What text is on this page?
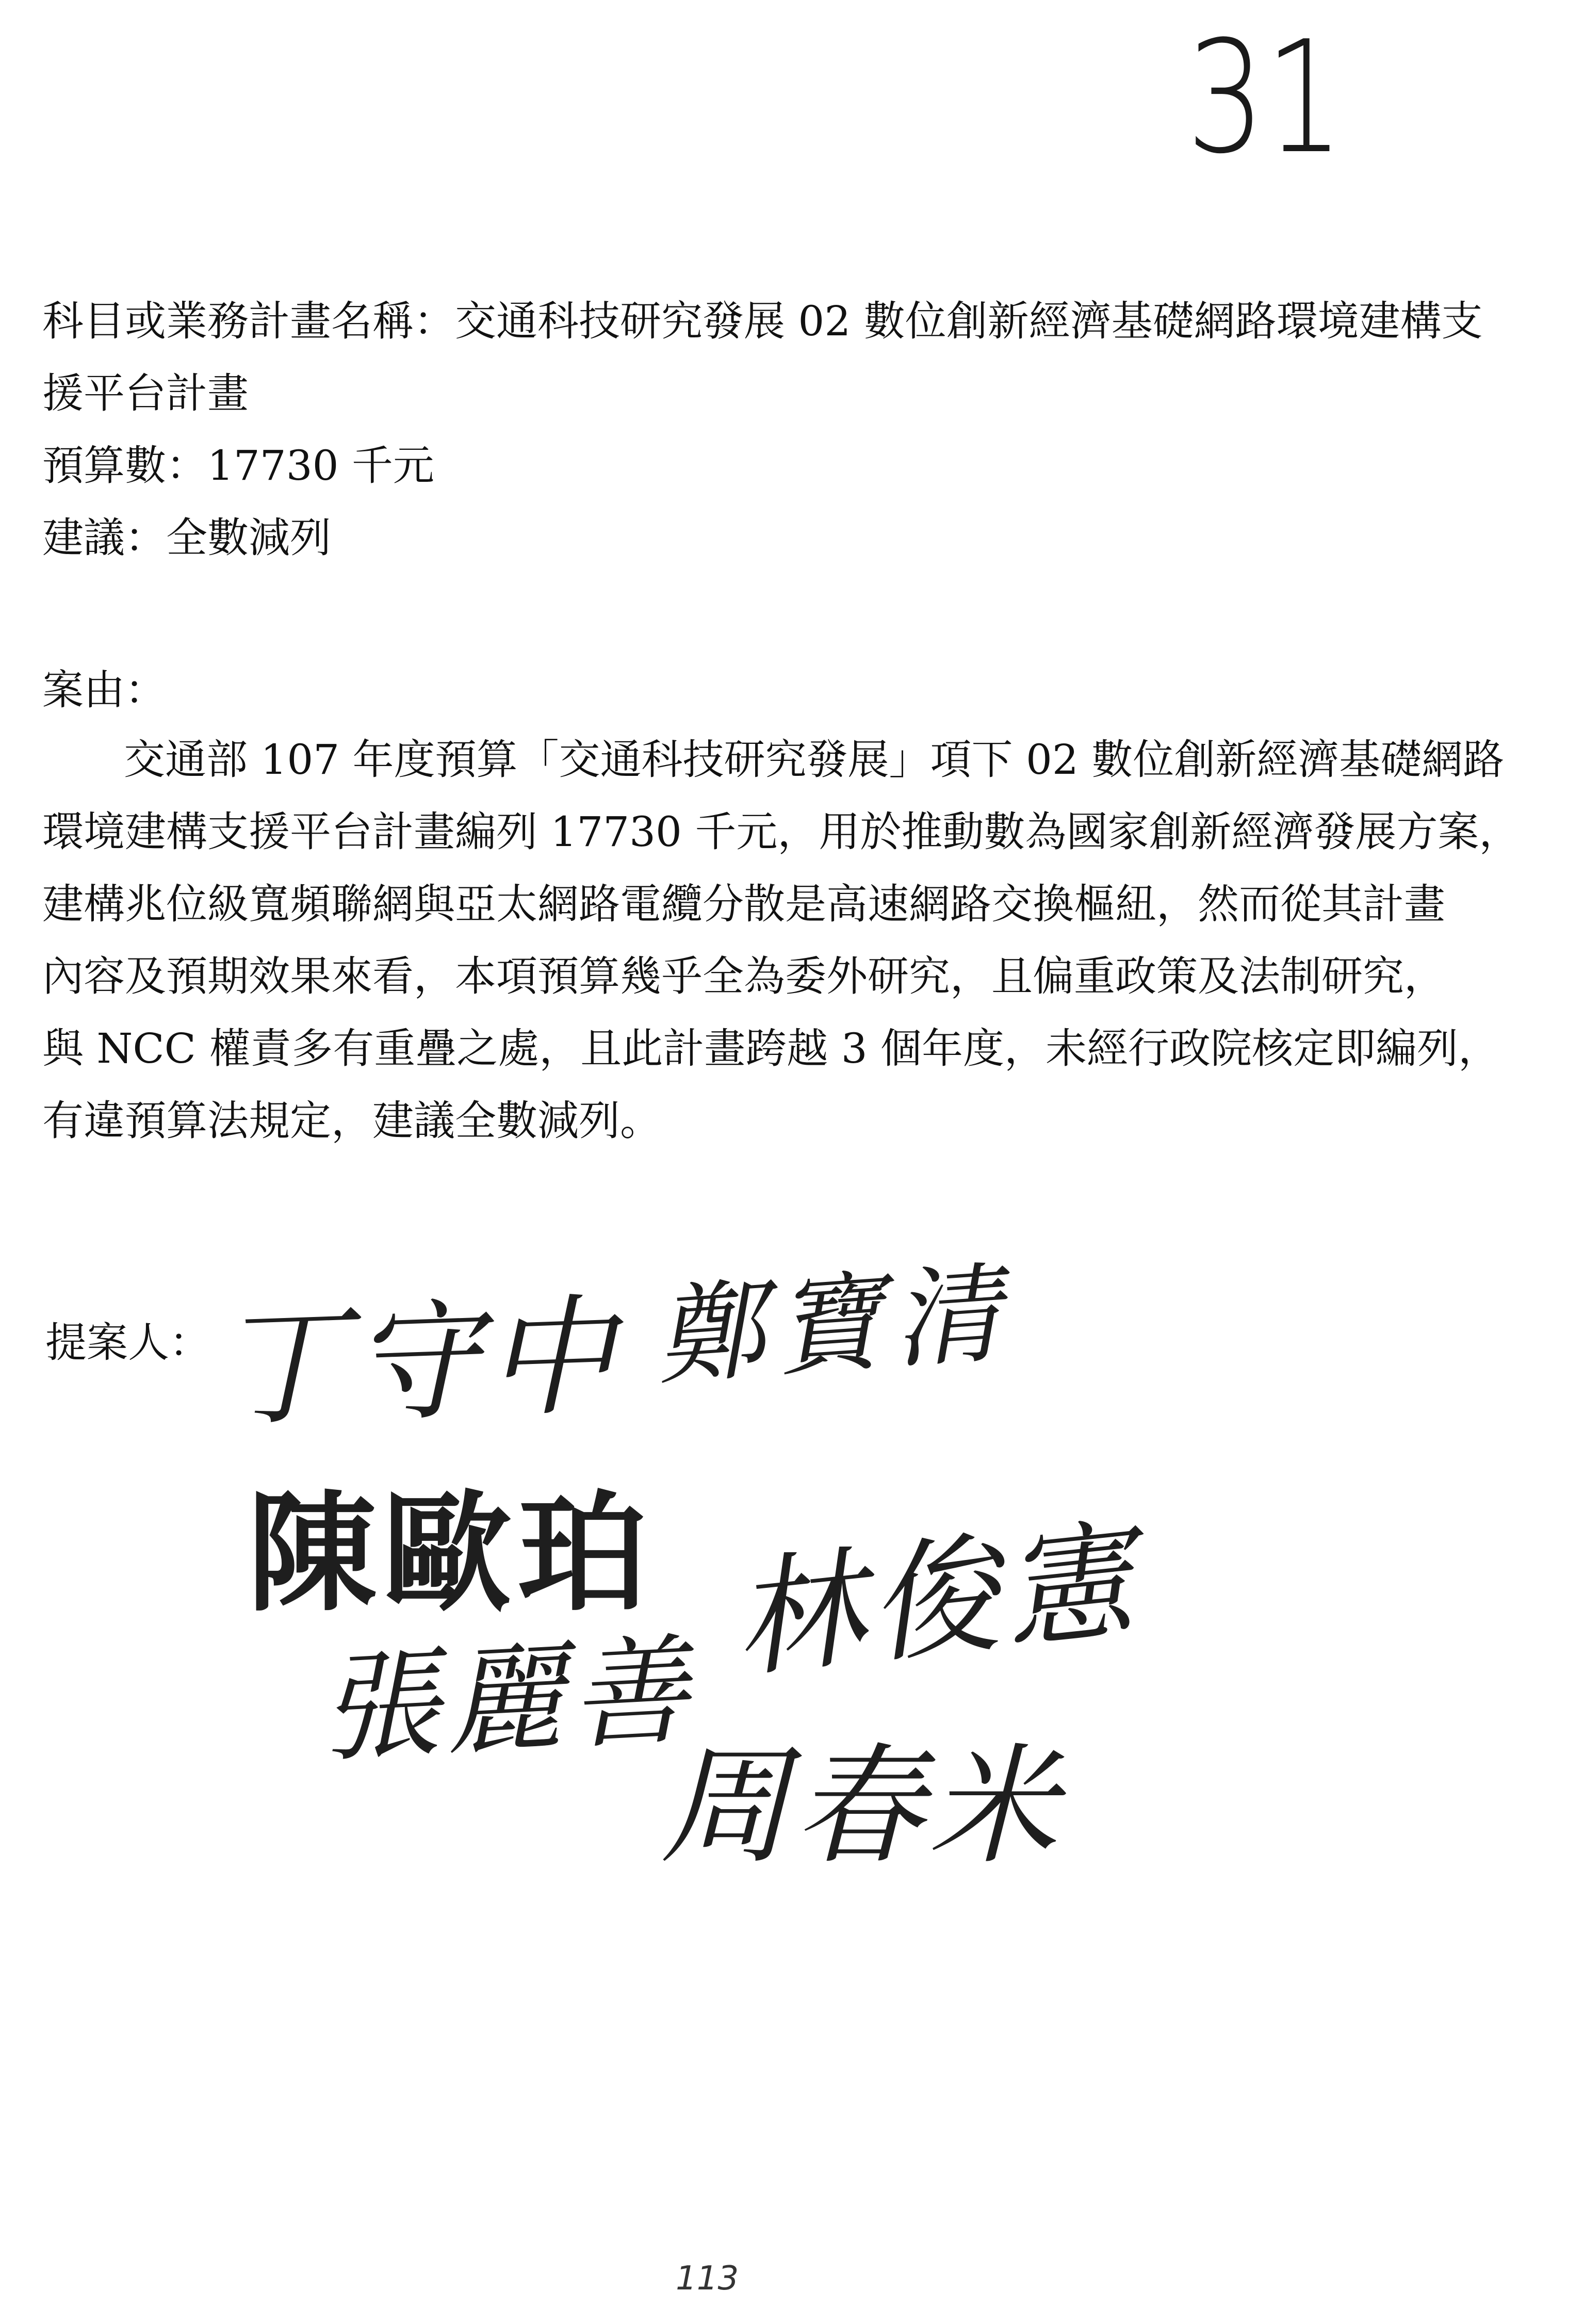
31
科目或業務計畫名稱：交通科技研究發展 02 數位創新經濟基礎網路環境建構支
援平台計畫
預算數：17730 千元
建議：全數減列
案由：
交通部 107 年度預算「交通科技研究發展」項下 02 數位創新經濟基礎網路
環境建構支援平台計畫編列 17730 千元，用於推動數為國家創新經濟發展方案，
建構兆位級寬頻聯網與亞太網路電纜分散是高速網路交換樞紐，然而從其計畫
內容及預期效果來看，本項預算幾乎全為委外研究，且偏重政策及法制研究，
與 NCC 權責多有重疊之處，且此計畫跨越 3 個年度，未經行政院核定即編列，
有違預算法規定，建議全數減列。
提案人： 丁守中 鄭寶清
陳歐珀 林俊憲
張麗善
周春米
113
